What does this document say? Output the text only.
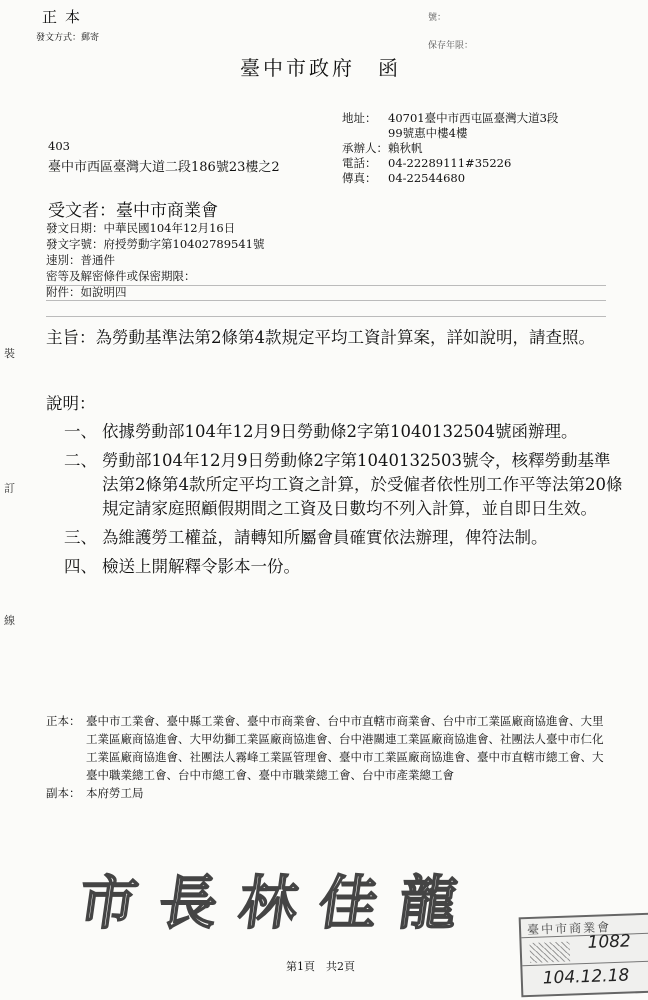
正本
發文方式：郵寄
號：
保存年限：
臺中市政府　函
地址：	40701臺中市西屯區臺灣大道3段
99號惠中樓4樓
承辦人： 賴秋帆
電話：	04-22289111#35226
傳真：	04-22544680
403
臺中市西區臺灣大道二段186號23樓之2
受文者：臺中市商業會
發文日期：中華民國104年12月16日
發文字號：府授勞動字第10402789541號
速別：普通件
密等及解密條件或保密期限：
附件：如說明四
主旨： 為勞動基準法第2條第4款規定平均工資計算案，詳如說明，請查照。
說明：
一、 依據勞動部104年12月9日勞動條2字第1040132504號函辦理。
二、 勞動部104年12月9日勞動條2字第1040132503號令，核釋勞動基準法第2條第4款所定平均工資之計算，於受僱者依性別工作平等法第20條規定請家庭照顧假期間之工資及日數均不列入計算，並自即日生效。
三、 為維護勞工權益，請轉知所屬會員確實依法辦理，俾符法制。
四、 檢送上開解釋令影本一份。
正本： 臺中市工業會、臺中縣工業會、臺中市商業會、台中市直轄市商業會、台中市工業區廠商協進會、大里工業區廠商協進會、大甲幼獅工業區廠商協進會、台中港關連工業區廠商協進會、社團法人臺中市仁化工業區廠商協進會、社團法人霧峰工業區管理會、臺中市工業區廠商協進會、臺中市直轄市總工會、大臺中職業總工會、台中市總工會、臺中市職業總工會、台中市產業總工會
副本： 本府勞工局
市 長 林 佳 龍
第1頁　共2頁
裝
訂
線
臺中市商業會
1082
104.12.18
